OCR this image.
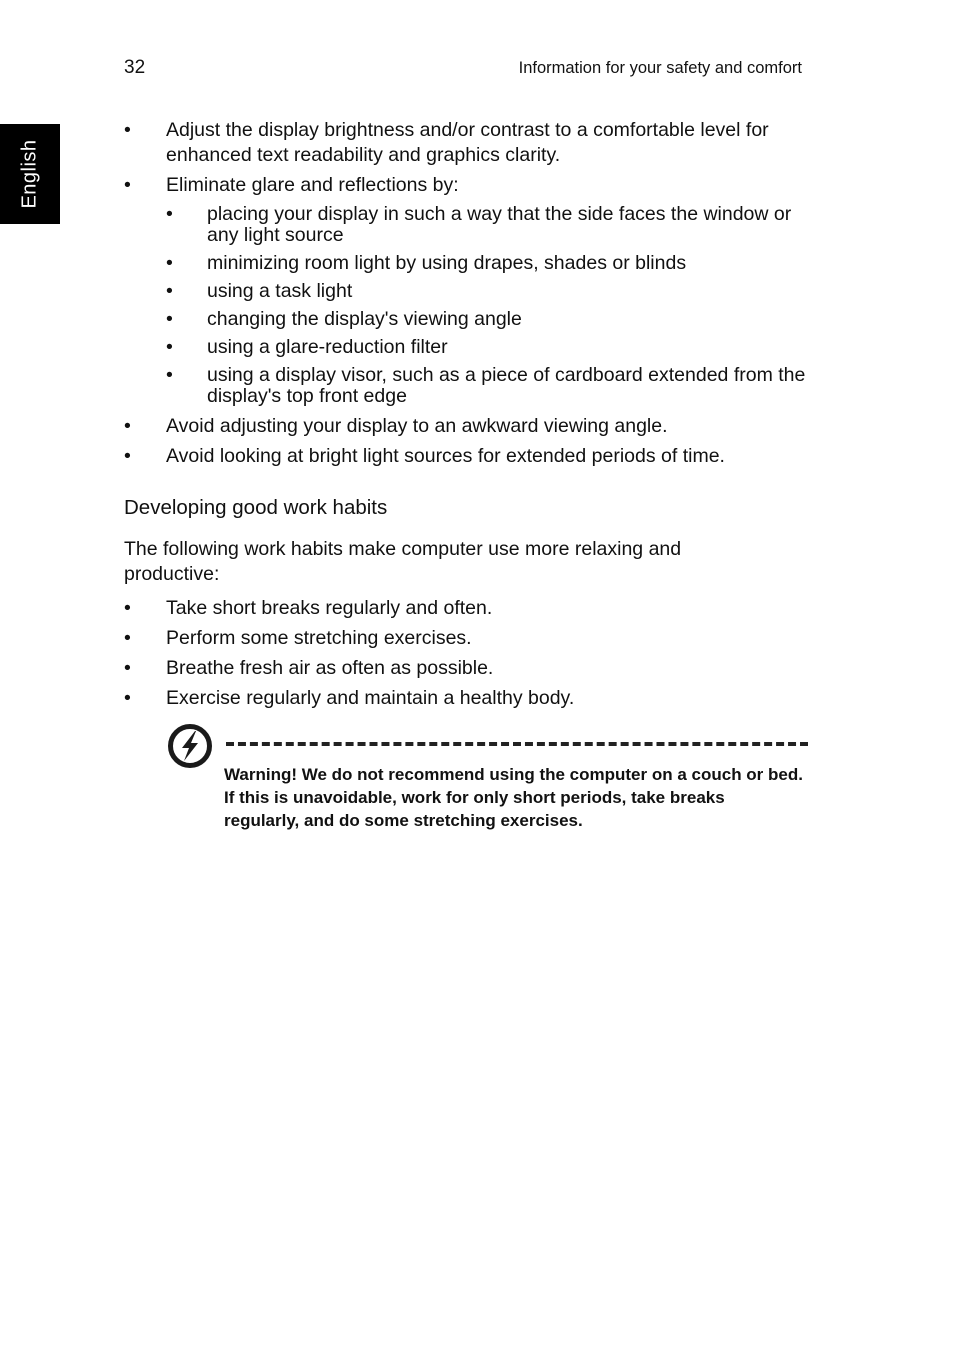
32	Information for your safety and comfort
English
• Adjust the display brightness and/or contrast to a comfortable level for enhanced text readability and graphics clarity.
• Eliminate glare and reflections by:
• placing your display in such a way that the side faces the window or any light source
• minimizing room light by using drapes, shades or blinds
• using a task light
• changing the display's viewing angle
• using a glare-reduction filter
• using a display visor, such as a piece of cardboard extended from the display's top front edge
• Avoid adjusting your display to an awkward viewing angle.
• Avoid looking at bright light sources for extended periods of time.
Developing good work habits

The following work habits make computer use more relaxing and productive:

• Take short breaks regularly and often.
• Perform some stretching exercises.
• Breathe fresh air as often as possible.
• Exercise regularly and maintain a healthy body.
Warning! We do not recommend using the computer on a couch or bed. If this is unavoidable, work for only short periods, take breaks regularly, and do some stretching exercises.
